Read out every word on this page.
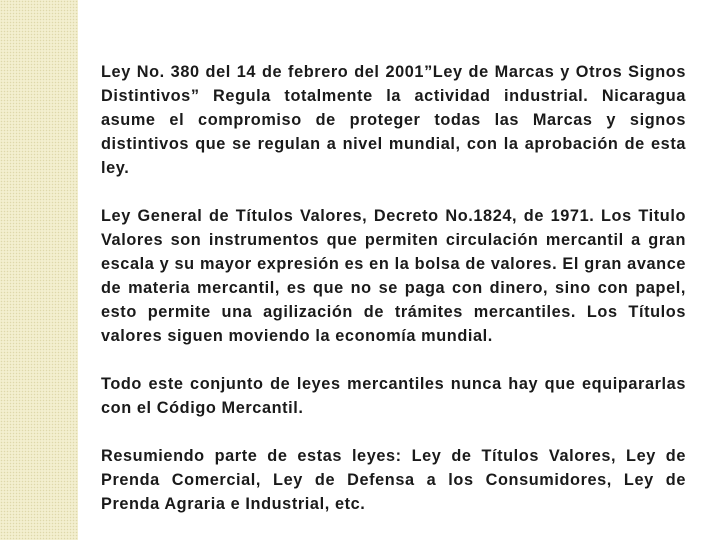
Ley No. 380 del 14 de febrero del 2001”Ley de Marcas y Otros Signos Distintivos” Regula totalmente la actividad industrial. Nicaragua asume el compromiso de proteger todas las Marcas y signos distintivos que se regulan a nivel mundial, con la aprobación de esta ley.

Ley General de Títulos Valores, Decreto No.1824, de 1971. Los Titulo Valores son instrumentos que permiten circulación mercantil a gran escala y su mayor expresión es en la bolsa de valores. El gran avance de materia mercantil, es que no se paga con dinero, sino con papel, esto permite una agilización de trámites mercantiles. Los Títulos valores siguen moviendo la economía mundial.

Todo este conjunto de leyes mercantiles nunca hay que equipararlas con el Código Mercantil.

Resumiendo parte de estas leyes: Ley de Títulos Valores, Ley de Prenda Comercial, Ley de Defensa a los Consumidores, Ley de Prenda Agraria e Industrial, etc.
